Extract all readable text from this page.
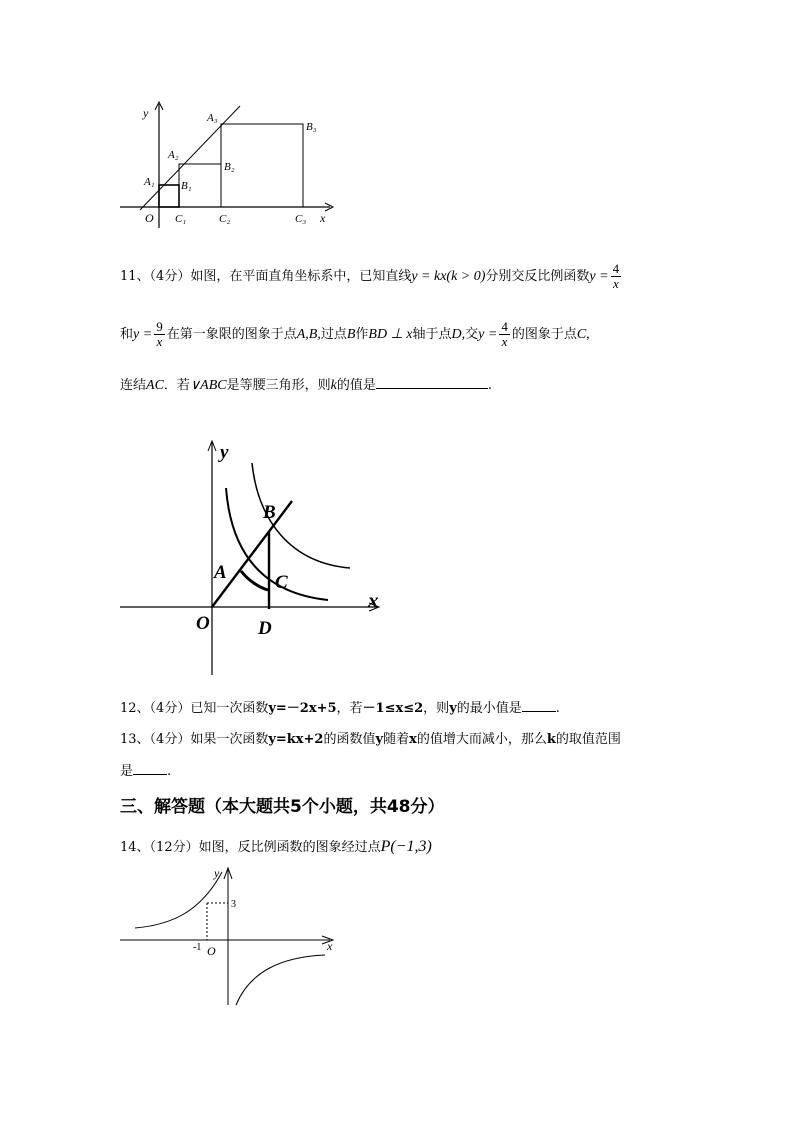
y
x
O
A₁
A₂
A₃
B₁
B₂
B₃
C₁	C₂	C₃
11、（4分）如图，在平面直角坐标系中，已知直线y = kx(k > 0)分别交反比例函数$y = \frac{4}{x}$
和$y = \frac{9}{x}$ 在第一象限的图象于点A,B,过点B作BD ⊥ x轴于点D,交$y = \frac{4}{x}$ 的图象于点C,
连结AC．若∨ABC是等腰三角形，则k的值是	.
y
x
O
A
B
C
D
12、（4分）已知一次函数y=－2x+5，若－1≤x≤2，则y的最小值是	.
13、（4分）如果一次函数y=kx+2的函数值y随着x的值增大而减小，那么k的取值范围
是	.
三、解答题（本大题共5个小题，共48分）
14、（12分）如图，反比例函数的图象经过点P(−1,3)
y
x
O
3
-1
